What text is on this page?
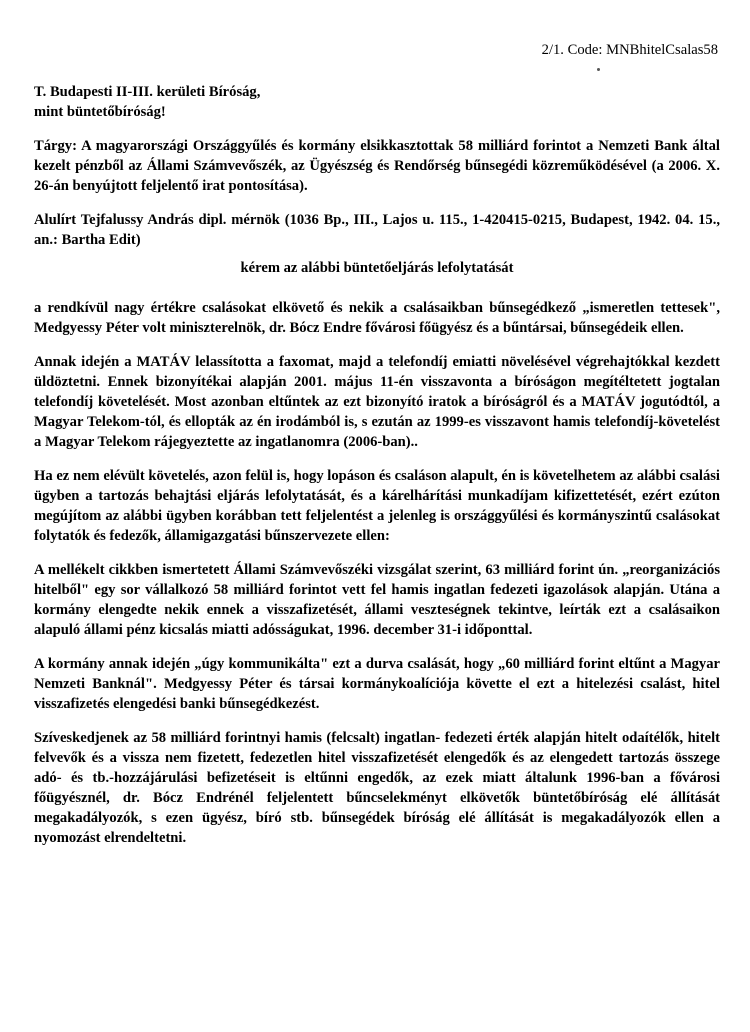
2/1. Code: MNBhitelCsalas58
T. Budapesti II-III. kerületi Bíróság,
mint büntetőbíróság!

Tárgy: A magyarországi Országgyűlés és kormány elsikkasztottak 58 milliárd forintot a Nemzeti Bank által kezelt pénzből az Állami Számvevőszék, az Ügyészség és Rendőrség bűnsegédi közreműködésével (a 2006. X. 26-án benyújtott feljelentő irat pontosítása).

Alulírt Tejfalussy András dipl. mérnök (1036 Bp., III., Lajos u. 115., 1-420415-0215, Budapest, 1942. 04. 15., an.: Bartha Edit)

kérem az alábbi büntetőeljárás lefolytatását

a rendkívül nagy értékre csalásokat elkövető és nekik a csalásaikban bűnsegédkező „ismeretlen tettesek", Medgyessy Péter volt miniszterelnök, dr. Bócz Endre fővárosi főügyész és a bűntársai, bűnsegédeik ellen.

Annak idején a MATÁV lelassította a faxomat, majd a telefondíj emiatti növelésével végrehajtókkal kezdett üldöztetni. Ennek bizonyítékai alapján 2001. május 11-én visszavonta a bíróságon megítéltetett jogtalan telefondíj követelését. Most azonban eltűntek az ezt bizonyító iratok a bíróságról és a MATÁV jogutódtól, a Magyar Telekom-tól, és ellopták az én irodámból is, s ezután az 1999-es visszavont hamis telefondíj-követelést a Magyar Telekom rájegyeztette az ingatlanomra (2006-ban)..

Ha ez nem elévült követelés, azon felül is, hogy lopáson és csaláson alapult, én is követelhetem az alábbi csalási ügyben a tartozás behajtási eljárás lefolytatását, és a kárelhárítási munkadíjam kifizettetését, ezért ezúton megújítom az alábbi ügyben korábban tett feljelentést a jelenleg is országgyűlési és kormányszintű csalásokat folytatók és fedezők, államigazgatási bűnszervezete ellen:

A mellékelt cikkben ismertetett Állami Számvevőszéki vizsgálat szerint, 63 milliárd forint ún. „reorganizációs hitelből" egy sor vállalkozó 58 milliárd forintot vett fel hamis ingatlan fedezeti igazolások alapján. Utána a kormány elengedte nekik ennek a visszafizetését, állami veszteségnek tekintve, leírták ezt a csalásaikon alapuló állami pénz kicsalás miatti adósságukat, 1996. december 31-i időponttal.

A kormány annak idején „úgy kommunikálta" ezt a durva csalását, hogy „60 milliárd forint eltűnt a Magyar Nemzeti Banknál". Medgyessy Péter és társai kormánykoalíciója követte el ezt a hitelezési csalást, hitel visszafizetés elengedési banki bűnsegédkezést.

Szíveskedjenek az 58 milliárd forintnyi hamis (felcsalt) ingatlan- fedezeti érték alapján hitelt odaítélők, hitelt felvevők és a vissza nem fizetett, fedezetlen hitel visszafizetését elengedők és az elengedett tartozás összege adó- és tb.-hozzájárulási befizetéseit is eltűnni engedők, az ezek miatt általunk 1996-ban a fővárosi főügyésznél, dr. Bócz Endrénél feljelentett bűncselekményt elkövetők büntetőbíróság elé állítását megakadályozók, s ezen ügyész, bíró stb. bűnsegédek bíróság elé állítását is megakadályozók ellen a nyomozást elrendeltetni.
